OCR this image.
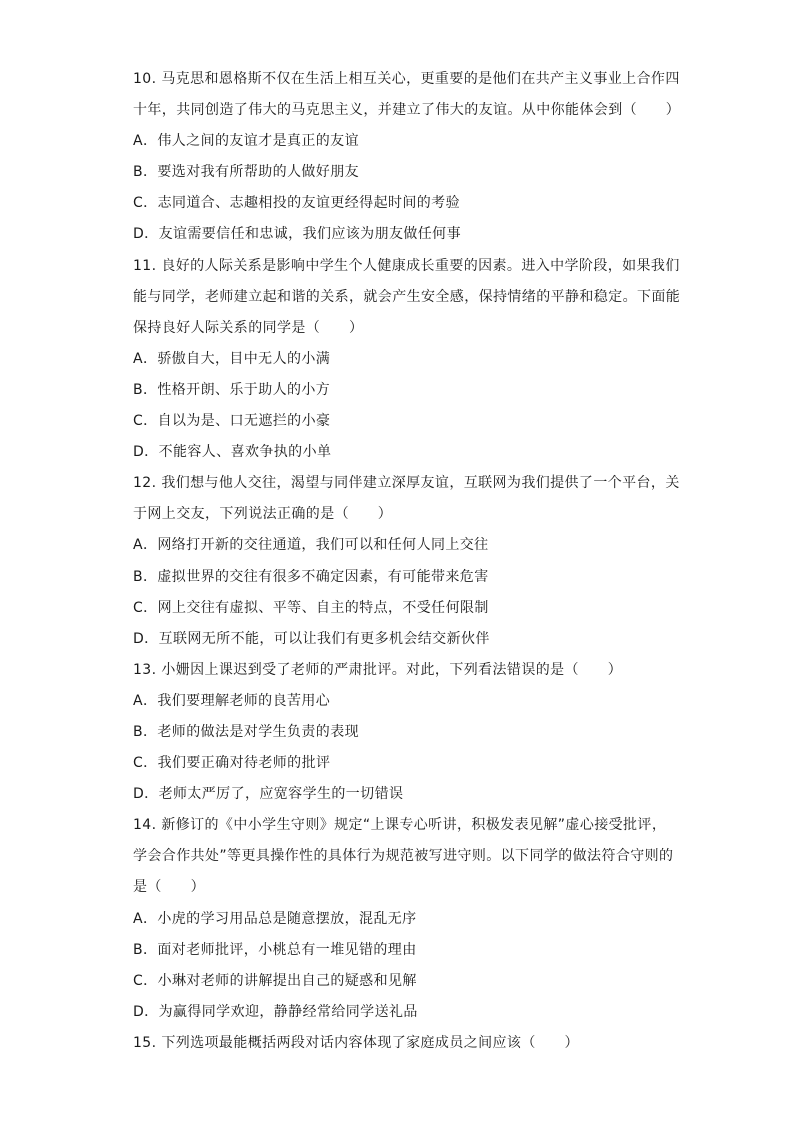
10. 马克思和恩格斯不仅在生活上相互关心，更重要的是他们在共产主义事业上合作四
十年，共同创造了伟大的马克思主义，并建立了伟大的友谊。从中你能体会到（　　）
A．伟人之间的友谊才是真正的友谊
B．要选对我有所帮助的人做好朋友
C．志同道合、志趣相投的友谊更经得起时间的考验
D．友谊需要信任和忠诚，我们应该为朋友做任何事
11. 良好的人际关系是影响中学生个人健康成长重要的因素。进入中学阶段，如果我们
能与同学，老师建立起和谐的关系，就会产生安全感，保持情绪的平静和稳定。下面能
保持良好人际关系的同学是（　　）
A．骄傲自大，目中无人的小满
B．性格开朗、乐于助人的小方
C．自以为是、口无遮拦的小豪
D．不能容人、喜欢争执的小单
12. 我们想与他人交往，渴望与同伴建立深厚友谊，互联网为我们提供了一个平台，关
于网上交友，下列说法正确的是（　　）
A．网络打开新的交往通道，我们可以和任何人同上交往
B．虚拟世界的交往有很多不确定因素，有可能带来危害
C．网上交往有虚拟、平等、自主的特点，不受任何限制
D．互联网无所不能，可以让我们有更多机会结交新伙伴
13. 小姗因上课迟到受了老师的严肃批评。对此，下列看法错误的是（　　）
A．我们要理解老师的良苦用心
B．老师的做法是对学生负责的表现
C．我们要正确对待老师的批评
D．老师太严厉了，应宽容学生的一切错误
14. 新修订的《中小学生守则》规定“上课专心听讲，积极发表见解”虚心接受批评，
学会合作共处”等更具操作性的具体行为规范被写进守则。以下同学的做法符合守则的
是（　　）
A．小虎的学习用品总是随意摆放，混乱无序
B．面对老师批评，小桃总有一堆见错的理由
C．小琳对老师的讲解提出自己的疑惑和见解
D．为赢得同学欢迎，静静经常给同学送礼品
15. 下列选项最能概括两段对话内容体现了家庭成员之间应该（　　）
